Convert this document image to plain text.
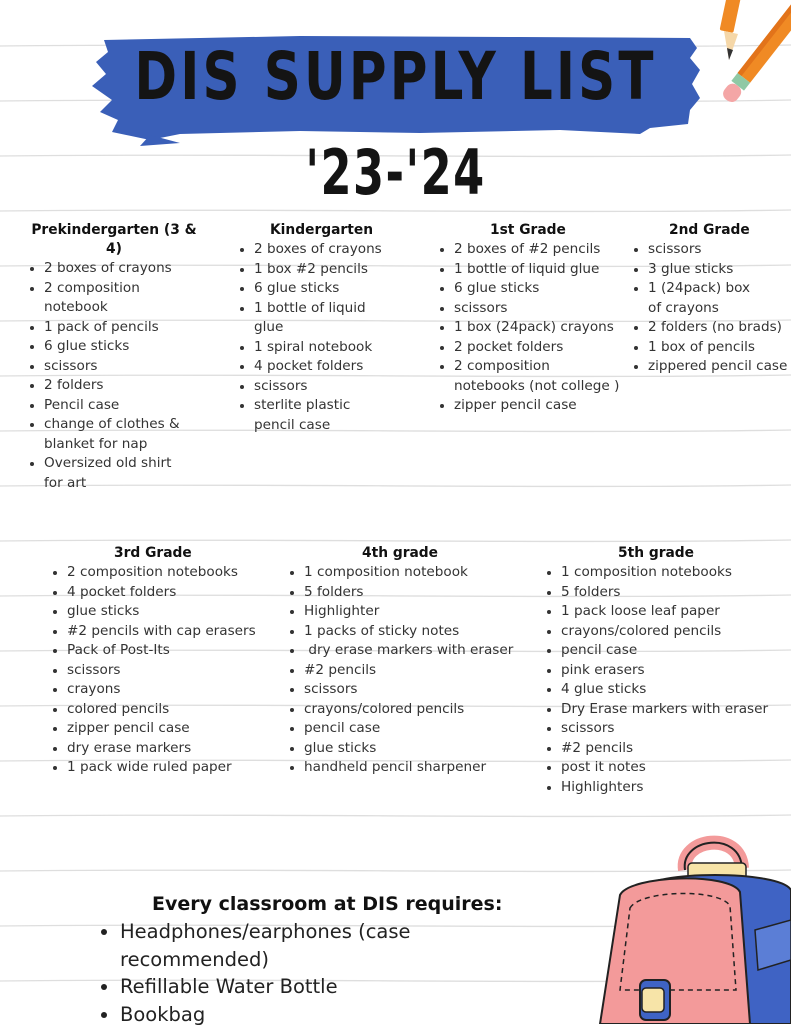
DIS SUPPLY LIST
'23-'24
Prekindergarten (3 & 4)
• 2 boxes of crayons
• 2 composition notebook
• 1 pack of pencils
• 6 glue sticks
• scissors
• 2 folders
• Pencil case
• change of clothes & blanket for nap
• Oversized old shirt for art
Kindergarten
• 2 boxes of crayons
• 1 box #2 pencils
• 6 glue sticks
• 1 bottle of liquid glue
• 1 spiral notebook
• 4 pocket folders
• scissors
• sterlite plastic pencil case
1st Grade
• 2 boxes of #2 pencils
• 1 bottle of liquid glue
• 6 glue sticks
• scissors
• 1 box (24pack) crayons
• 2 pocket folders
• 2 composition notebooks (not college )
• zipper pencil case
2nd Grade
• scissors
• 3 glue sticks
• 1 (24pack) box of crayons
• 2 folders (no brads)
• 1 box of pencils
• zippered pencil case
3rd Grade
• 2 composition notebooks
• 4 pocket folders
• glue sticks
• #2 pencils with cap erasers
• Pack of Post-Its
• scissors
• crayons
• colored pencils
• zipper pencil case
• dry erase markers
• 1 pack wide ruled paper
4th grade
• 1 composition notebook
• 5 folders
• Highlighter
• 1 packs of sticky notes
•  dry erase markers with eraser
• #2 pencils
• scissors
• crayons/colored pencils
• pencil case
• glue sticks
• handheld pencil sharpener
5th grade
• 1 composition notebooks
• 5 folders
• 1 pack loose leaf paper
• crayons/colored pencils
• pencil case
• pink erasers
• 4 glue sticks
• Dry Erase markers with eraser
• scissors
• #2 pencils
• post it notes
• Highlighters
Every classroom at DIS requires:
• Headphones/earphones (case recommended)
• Refillable Water Bottle
• Bookbag
